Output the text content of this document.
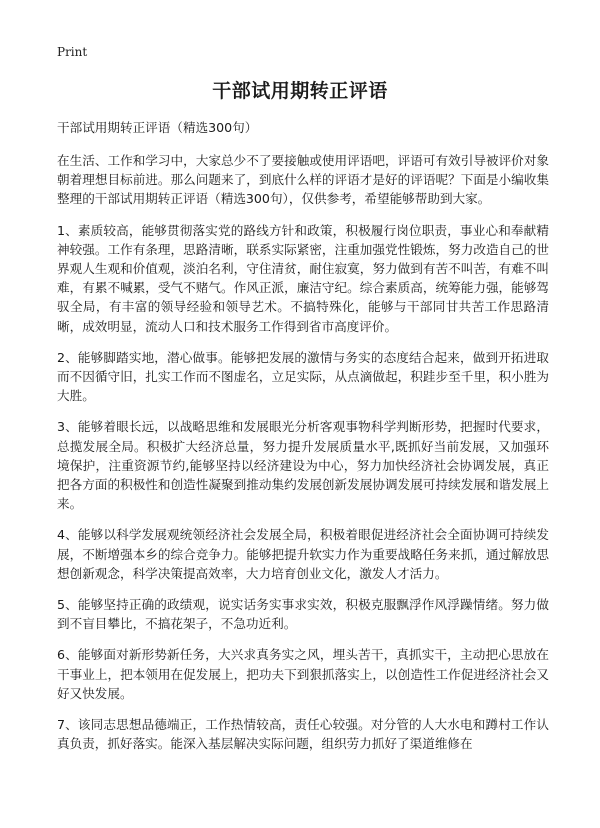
Print

干部试用期转正评语

干部试用期转正评语（精选300句）

在生活、工作和学习中，大家总少不了要接触或使用评语吧，评语可有效引导被评价对象朝着理想目标前进。那么问题来了，到底什么样的评语才是好的评语呢？下面是小编收集整理的干部试用期转正评语（精选300句），仅供参考，希望能够帮助到大家。

1、素质较高，能够贯彻落实党的路线方针和政策，积极履行岗位职责，事业心和奉献精神较强。工作有条理，思路清晰，联系实际紧密，注重加强党性锻炼，努力改造自己的世界观人生观和价值观，淡泊名利，守住清贫，耐住寂寞，努力做到有苦不叫苦，有难不叫难，有累不喊累，受气不赌气。作风正派，廉洁守纪。综合素质高，统筹能力强，能够驾驭全局，有丰富的领导经验和领导艺术。不搞特殊化，能够与干部同甘共苦工作思路清晰，成效明显，流动人口和技术服务工作得到省市高度评价。

2、能够脚踏实地，潜心做事。能够把发展的激情与务实的态度结合起来，做到开拓进取而不因循守旧，扎实工作而不图虚名，立足实际，从点滴做起，积跬步至千里，积小胜为大胜。

3、能够着眼长远，以战略思维和发展眼光分析客观事物科学判断形势，把握时代要求，总揽发展全局。积极扩大经济总量，努力提升发展质量水平,既抓好当前发展，又加强环境保护，注重资源节约,能够坚持以经济建设为中心，努力加快经济社会协调发展，真正把各方面的积极性和创造性凝聚到推动集约发展创新发展协调发展可持续发展和谐发展上来。

4、能够以科学发展观统领经济社会发展全局，积极着眼促进经济社会全面协调可持续发展，不断增强本乡的综合竞争力。能够把提升软实力作为重要战略任务来抓，通过解放思想创新观念，科学决策提高效率，大力培育创业文化，激发人才活力。

5、能够坚持正确的政绩观，说实话务实事求实效，积极克服飘浮作风浮躁情绪。努力做到不盲目攀比，不搞花架子，不急功近利。

6、能够面对新形势新任务，大兴求真务实之风，埋头苦干，真抓实干，主动把心思放在干事业上，把本领用在促发展上，把功夫下到狠抓落实上，以创造性工作促进经济社会又好又快发展。

7、该同志思想品德端正，工作热情较高，责任心较强。对分管的人大水电和蹲村工作认真负责，抓好落实。能深入基层解决实际问题，组织劳力抓好了渠道维修在
